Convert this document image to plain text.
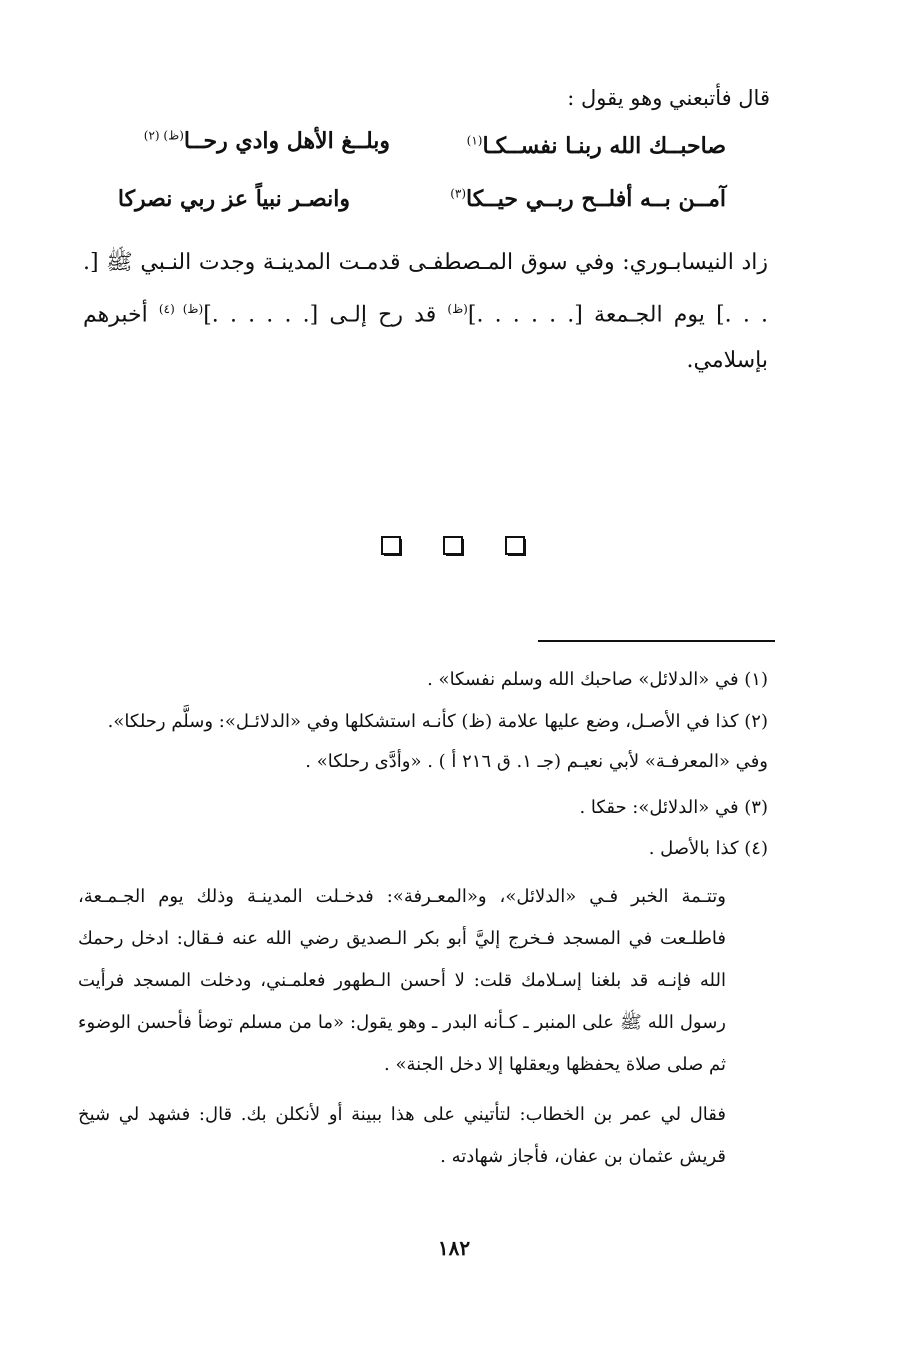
قال فأتبعني وهو يقول :
صاحبــك الله ربنـا نفســكـا$^{(١)}$
وبلــغ الأهل وادي رحــا$^{(ظ) (٢)}$
آمــن بــه أفلــح ربــي حيــكا$^{(٣)}$
وانصـر نبياً عز ربي نصركا
زاد النيسابـوري: وفي سوق المـصطفـى قدمـت المدينـة وجدت النـبي ﷺ [. . . .] يوم الجـمعة [. . . . . .]$^{(ظ)}$ قد رح إلـى [. . . . . .]$^{(ظ) (٤)}$ أخبرهم بإسلامي.
(١) في «الدلائل» صاحبك الله وسلم نفسكا» .
(٢) كذا في الأصـل، وضع عليها علامة (ظ) كأنـه استشكلها وفي «الدلائـل»: وسلَّم رحلكا». وفي «المعرفـة» لأبي نعيـم (جـ ١. ق ٢١٦ أ ) . «وأدَّى رحلكا» .
(٣) في «الدلائل»: حقكا .
(٤) كذا بالأصل .
وتتـمة الخبر فـي «الدلائل»، و«المعـرفة»: فدخـلت المدينـة وذلك يوم الجـمـعة، فاطلـعت في المسجد فـخرج إليَّ أبو بكر الـصديق رضي الله عنه فـقال: ادخل رحمك الله فإنـه قد بلغنا إسـلامك قلت: لا أحسن الـطهور فعلمـني، ودخلت المسجد فرأيت رسول الله ﷺ على المنبر ـ كـأنه البدر ـ وهو يقول: «ما من مسلم توضأ فأحسن الوضوء ثم صلى صلاة يحفظها ويعقلها إلا دخل الجنة» .
فقال لي عمر بن الخطاب: لتأتيني على هذا ببينة أو لأنكلن بك. قال: فشهد لي شيخ قريش عثمان بن عفان، فأجاز شهادته .
١٨٢
